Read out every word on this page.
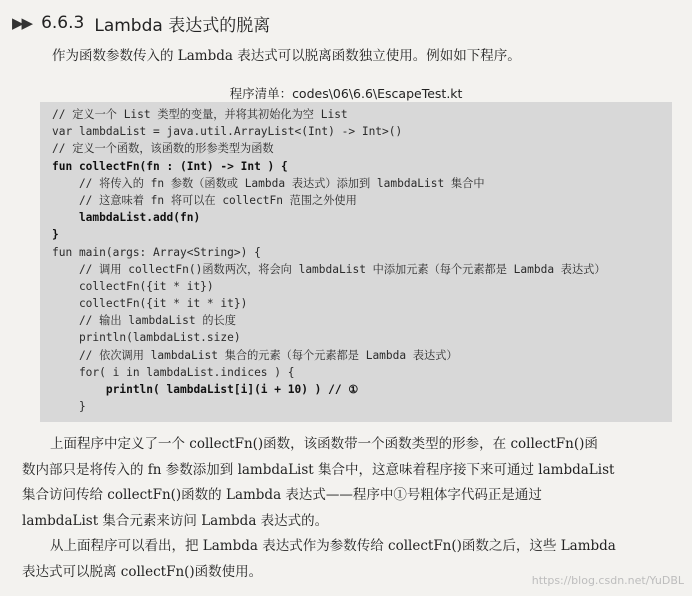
▶▶ 6.6.3 Lambda 表达式的脱离
作为函数参数传入的 Lambda 表达式可以脱离函数独立使用。例如如下程序。
程序清单：codes\06\6.6\EscapeTest.kt
// 定义一个 List 类型的变量，并将其初始化为空 List
var lambdaList = java.util.ArrayList<(Int) -> Int>()
// 定义一个函数，该函数的形参类型为函数
fun collectFn(fn : (Int) -> Int ) {
// 将传入的 fn 参数（函数或 Lambda 表达式）添加到 lambdaList 集合中
// 这意味着 fn 将可以在 collectFn 范围之外使用
lambdaList.add(fn)
}
fun main(args: Array<String>) {
// 调用 collectFn()函数两次，将会向 lambdaList 中添加元素（每个元素都是 Lambda 表达式）
collectFn({it * it})
collectFn({it * it * it})
// 输出 lambdaList 的长度
println(lambdaList.size)
// 依次调用 lambdaList 集合的元素（每个元素都是 Lambda 表达式）
for( i in lambdaList.indices ) {
println( lambdaList[i](i + 10) ) // ①
}
上面程序中定义了一个 collectFn()函数，该函数带一个函数类型的形参，在 collectFn()函
数内部只是将传入的 fn 参数添加到 lambdaList 集合中，这意味着程序接下来可通过 lambdaList
集合访问传给 collectFn()函数的 Lambda 表达式——程序中①号粗体字代码正是通过
lambdaList 集合元素来访问 Lambda 表达式的。
从上面程序可以看出，把 Lambda 表达式作为参数传给 collectFn()函数之后，这些 Lambda
表达式可以脱离 collectFn()函数使用。
https://blog.csdn.net/YuDBL
